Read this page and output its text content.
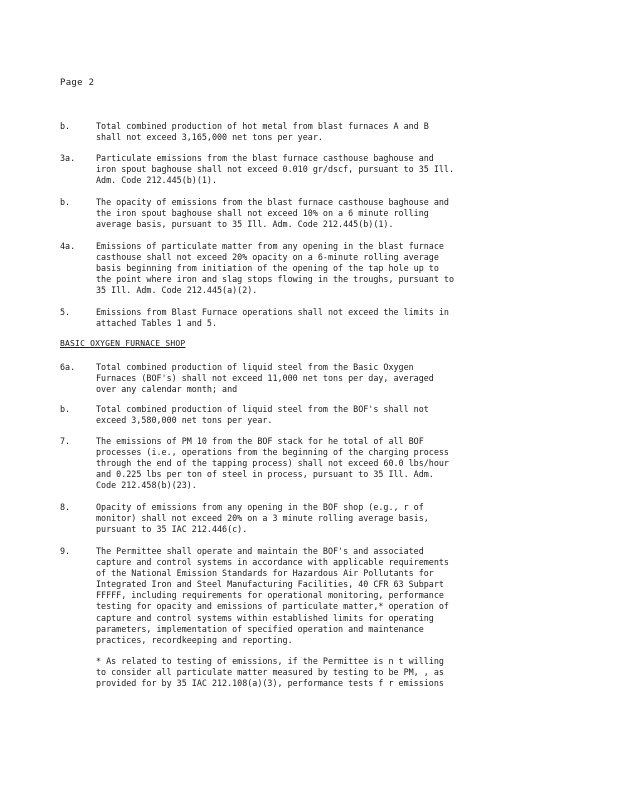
Page 2
b.	Total combined production of hot metal from blast furnaces A and B
shall not exceed 3,165,000 net tons per year.
3a.	Particulate emissions from the blast furnace casthouse baghouse and
iron spout baghouse shall not exceed 0.010 gr/dscf, pursuant to 35 Ill.
Adm. Code 212.445(b)(1).
b.	The opacity of emissions from the blast furnace casthouse baghouse and
the iron spout baghouse shall not exceed 10% on a 6 minute rolling
average basis, pursuant to 35 Ill. Adm. Code 212.445(b)(1).
4a.	Emissions of particulate matter from any opening in the blast furnace
casthouse shall not exceed 20% opacity on a 6-minute rolling average
basis beginning from initiation of the opening of the tap hole up to
the point where iron and slag stops flowing in the troughs, pursuant to
35 Ill. Adm. Code 212.445(a)(2).
5.	Emissions from Blast Furnace operations shall not exceed the limits in
attached Tables 1 and 5.
BASIC OXYGEN FURNACE SHOP
6a.	Total combined production of liquid steel from the Basic Oxygen
Furnaces (BOF's) shall not exceed 11,000 net tons per day, averaged
over any calendar month; and
b.	Total combined production of liquid steel from the BOF's shall not
exceed 3,580,000 net tons per year.
7.	The emissions of PM 10 from the BOF stack for he total of all BOF
processes (i.e., operations from the beginning of the charging process
through the end of the tapping process) shall not exceed 60.0 lbs/hour
and 0.225 lbs per ton of steel in process, pursuant to 35 Ill. Adm.
Code 212.458(b)(23).
8.	Opacity of emissions from any opening in the BOF shop (e.g., r of
monitor) shall not exceed 20% on a 3 minute rolling average basis,
pursuant to 35 IAC 212.446(c).
9.	The Permittee shall operate and maintain the BOF's and associated
capture and control systems in accordance with applicable requirements
of the National Emission Standards for Hazardous Air Pollutants for
Integrated Iron and Steel Manufacturing Facilities, 40 CFR 63 Subpart
FFFFF, including requirements for operational monitoring, performance
testing for opacity and emissions of particulate matter,* operation of
capture and control systems within established limits for operating
parameters, implementation of specified operation and maintenance
practices, recordkeeping and reporting.
* As related to testing of emissions, if the Permittee is n t willing
to consider all particulate matter measured by testing to be PM, , as
provided for by 35 IAC 212.108(a)(3), performance tests f r emissions
